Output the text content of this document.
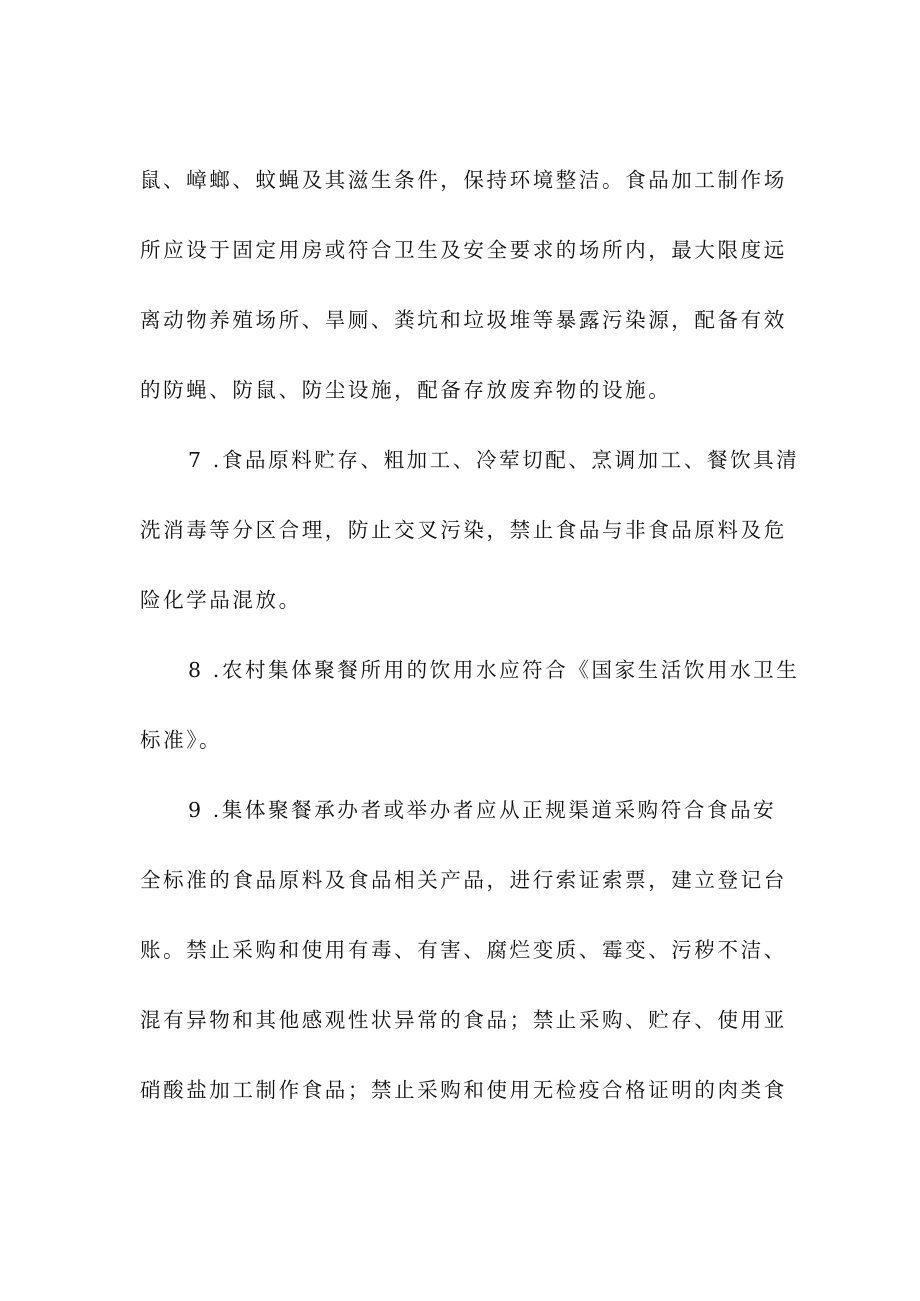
鼠、嶂螂、蚊蝇及其滋生条件，保持环境整洁。食品加工制作场
所应设于固定用房或符合卫生及安全要求的场所内，最大限度远
离动物养殖场所、旱厕、粪坑和垃圾堆等暴露污染源，配备有效
的防蝇、防鼠、防尘设施，配备存放废弃物的设施。
7 .食品原料贮存、粗加工、冷荤切配、烹调加工、餐饮具清
洗消毒等分区合理，防止交叉污染，禁止食品与非食品原料及危
险化学品混放。
8 .农村集体聚餐所用的饮用水应符合《国家生活饮用水卫生
标准》。
9 .集体聚餐承办者或举办者应从正规渠道采购符合食品安
全标准的食品原料及食品相关产品，进行索证索票，建立登记台
账。禁止采购和使用有毒、有害、腐烂变质、霉变、污秽不洁、
混有异物和其他感观性状异常的食品；禁止采购、贮存、使用亚
硝酸盐加工制作食品；禁止采购和使用无检疫合格证明的肉类食
